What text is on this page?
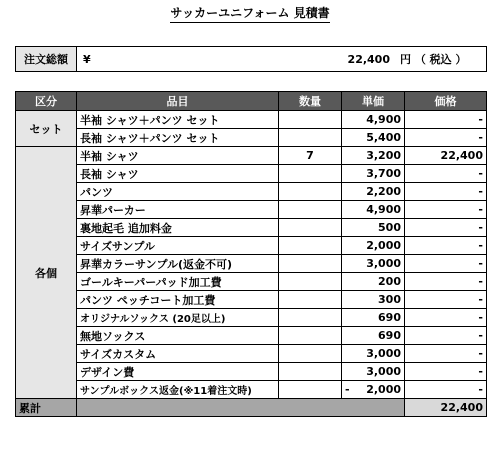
サッカーユニフォーム 見積書
注文総額	¥	22,400	円 （ 税込 ）
区分	品目	数量	単価	価格
セット	半袖 シャツ＋パンツ セット		4,900	-
	長袖 シャツ＋パンツ セット		5,400	-
各個	半袖 シャツ	7	3,200	22,400
	長袖 シャツ		3,700	-
	パンツ		2,200	-
	昇華パーカー		4,900	-
	裏地起毛 追加料金		500	-
	サイズサンプル		2,000	-
	昇華カラーサンプル(返金不可)		3,000	-
	ゴールキーパーパッド加工費		200	-
	パンツ ペッチコート加工費		300	-
	オリジナルソックス (20足以上)		690	-
	無地ソックス		690	-
	サイズカスタム		3,000	-
	デザイン費		3,000	-
	サンプルボックス返金(※11着注文時)		- 2,000	-
累計				22,400
